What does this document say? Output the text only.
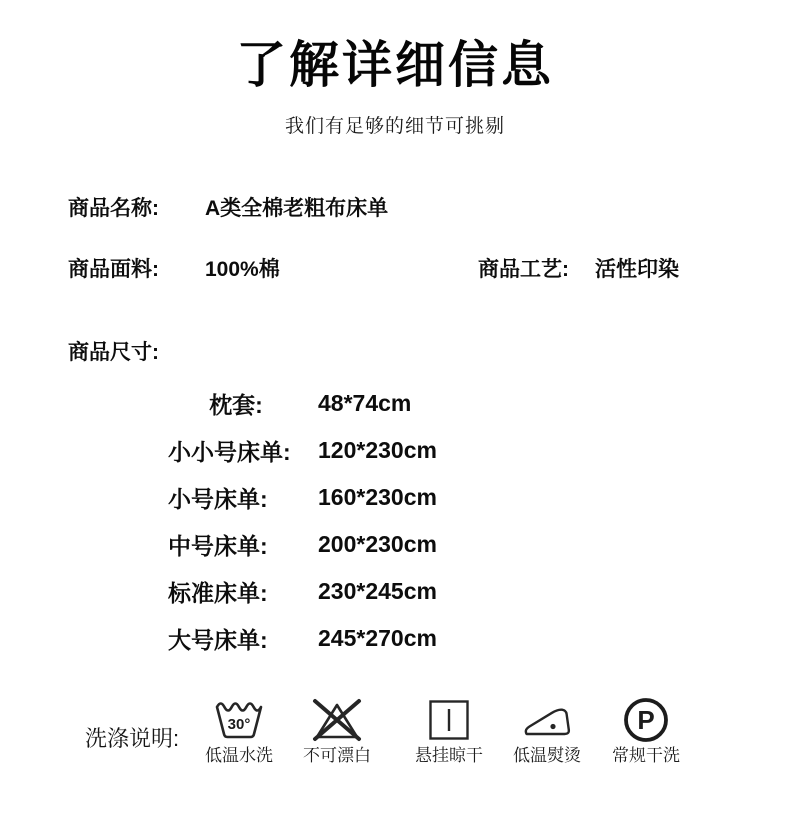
了解详细信息
我们有足够的细节可挑剔
商品名称:	A类全棉老粗布床单
商品面料:	100%棉	商品工艺:	活性印染
商品尺寸:
枕套:	48*74cm
小小号床单:	120*230cm
小号床单:	160*230cm
中号床单:	200*230cm
标准床单:	230*245cm
大号床单:	245*270cm
洗涤说明:
30°
低温水洗 不可漂白	悬挂晾干 低温熨烫
P
常规干洗
